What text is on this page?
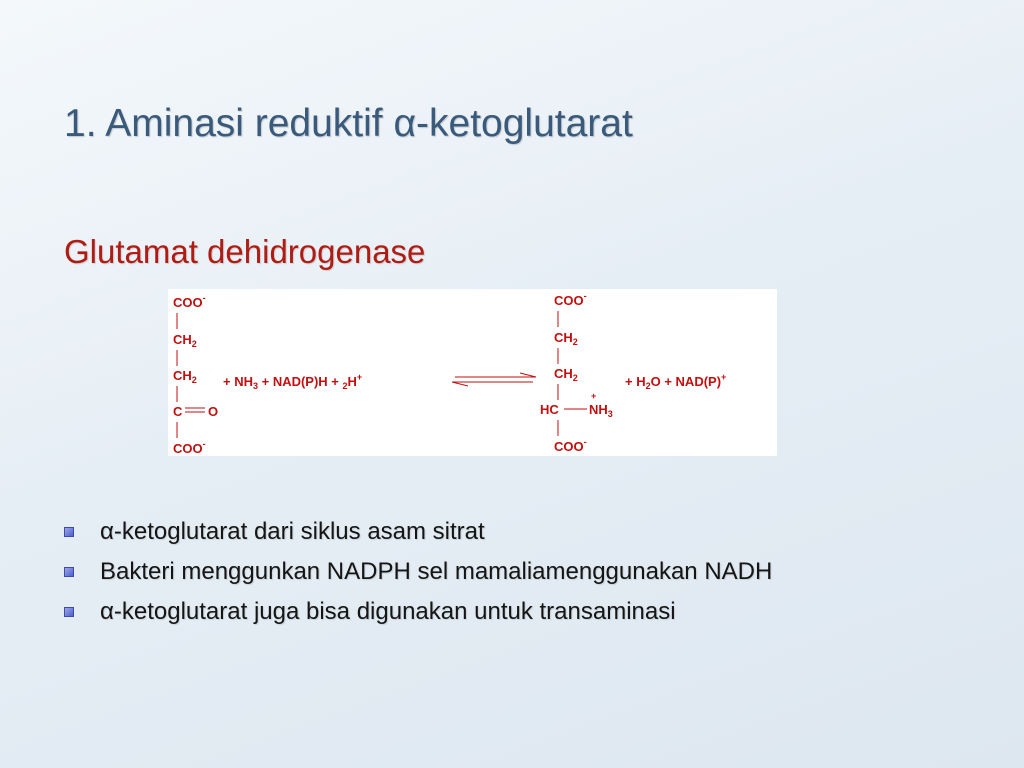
1. Aminasi reduktif α-ketoglutarat
Glutamat dehidrogenase
COO-
$CH_2$
$CH_2$
C O
COO-
+ $NH_3 + NAD(P)H + _2H^+$
COO-
$CH_2$
$CH_2$
HC
+
$NH_3$
COO-
+ $H_2O + NAD(P)^+$
α-ketoglutarat dari siklus asam sitrat
Bakteri menggunkan NADPH sel mamaliamenggunakan NADH
α-ketoglutarat juga bisa digunakan untuk transaminasi
